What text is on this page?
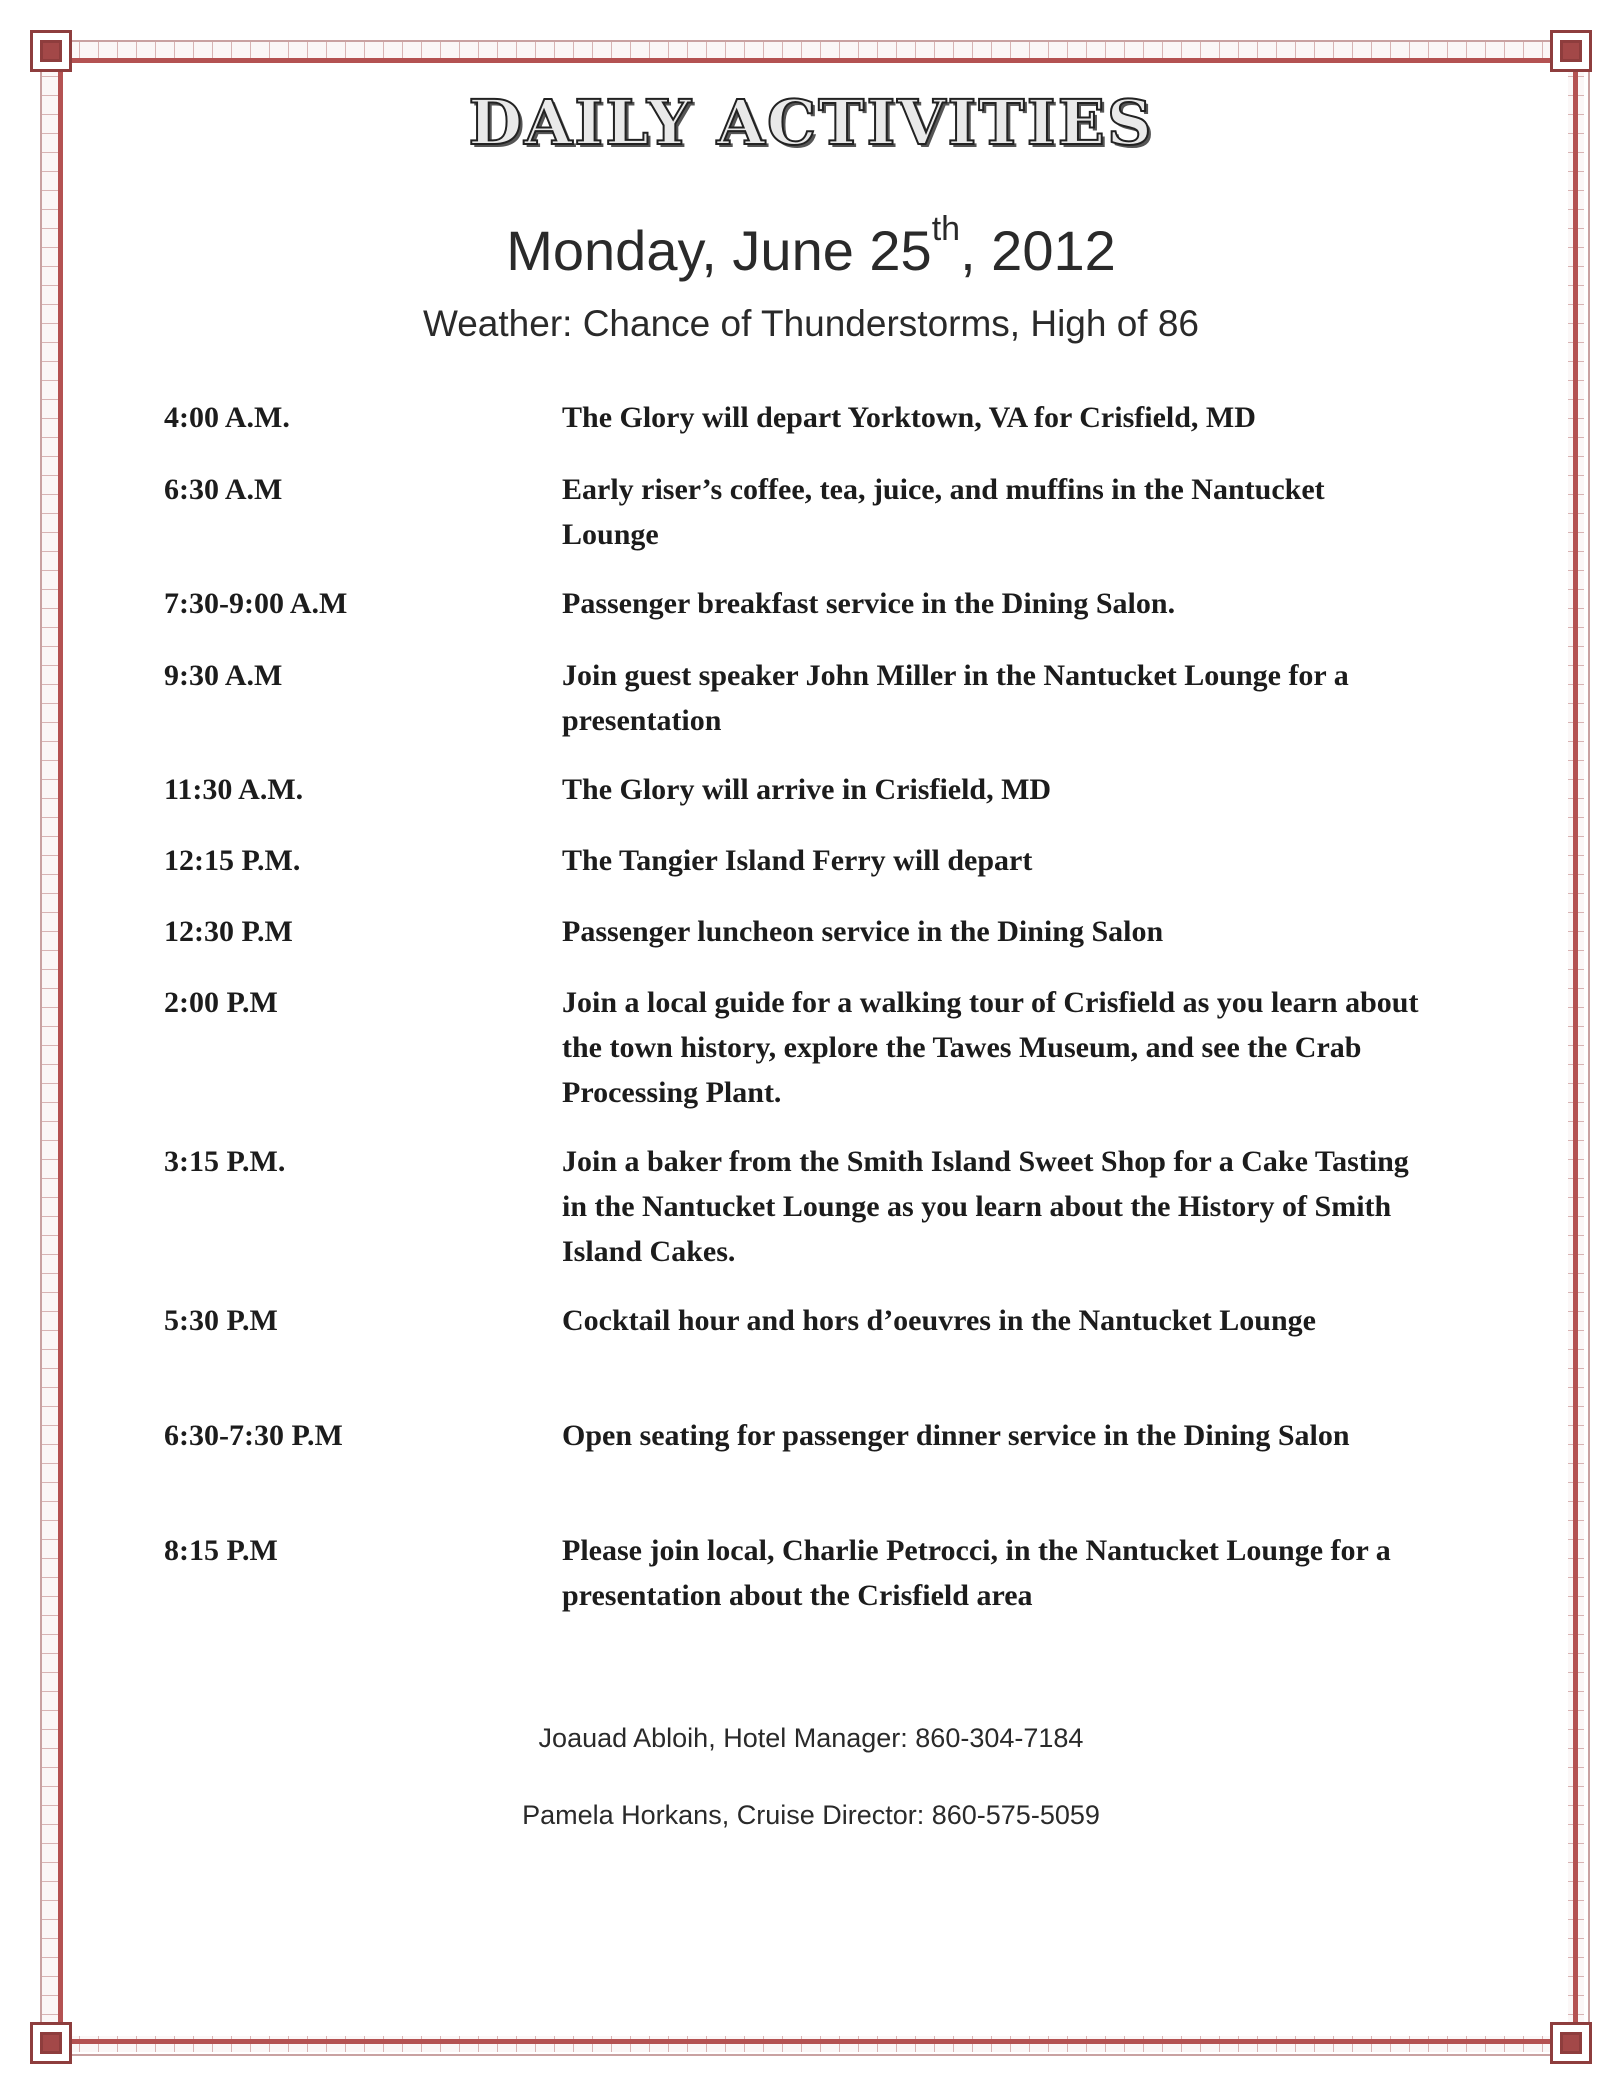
DAILY ACTIVITIES
Monday, June 25th, 2012
Weather: Chance of Thunderstorms, High of 86
4:00 A.M.	The Glory will depart Yorktown, VA for Crisfield, MD
6:30 A.M	Early riser’s coffee, tea, juice, and muffins in the Nantucket Lounge
7:30-9:00 A.M	Passenger breakfast service in the Dining Salon.
9:30 A.M	Join guest speaker John Miller in the Nantucket Lounge for a presentation
11:30 A.M.	The Glory will arrive in Crisfield, MD
12:15 P.M.	The Tangier Island Ferry will depart
12:30 P.M	Passenger luncheon service in the Dining Salon
2:00 P.M	Join a local guide for a walking tour of Crisfield as you learn about the town history, explore the Tawes Museum, and see the Crab Processing Plant.
3:15 P.M.	Join a baker from the Smith Island Sweet Shop for a Cake Tasting in the Nantucket Lounge as you learn about the History of Smith Island Cakes.
5:30 P.M	Cocktail hour and hors d’oeuvres in the Nantucket Lounge
6:30-7:30 P.M	Open seating for passenger dinner service in the Dining Salon
8:15 P.M	Please join local, Charlie Petrocci, in the Nantucket Lounge for a presentation about the Crisfield area
Joauad Abloih, Hotel Manager: 860-304-7184
Pamela Horkans, Cruise Director: 860-575-5059
